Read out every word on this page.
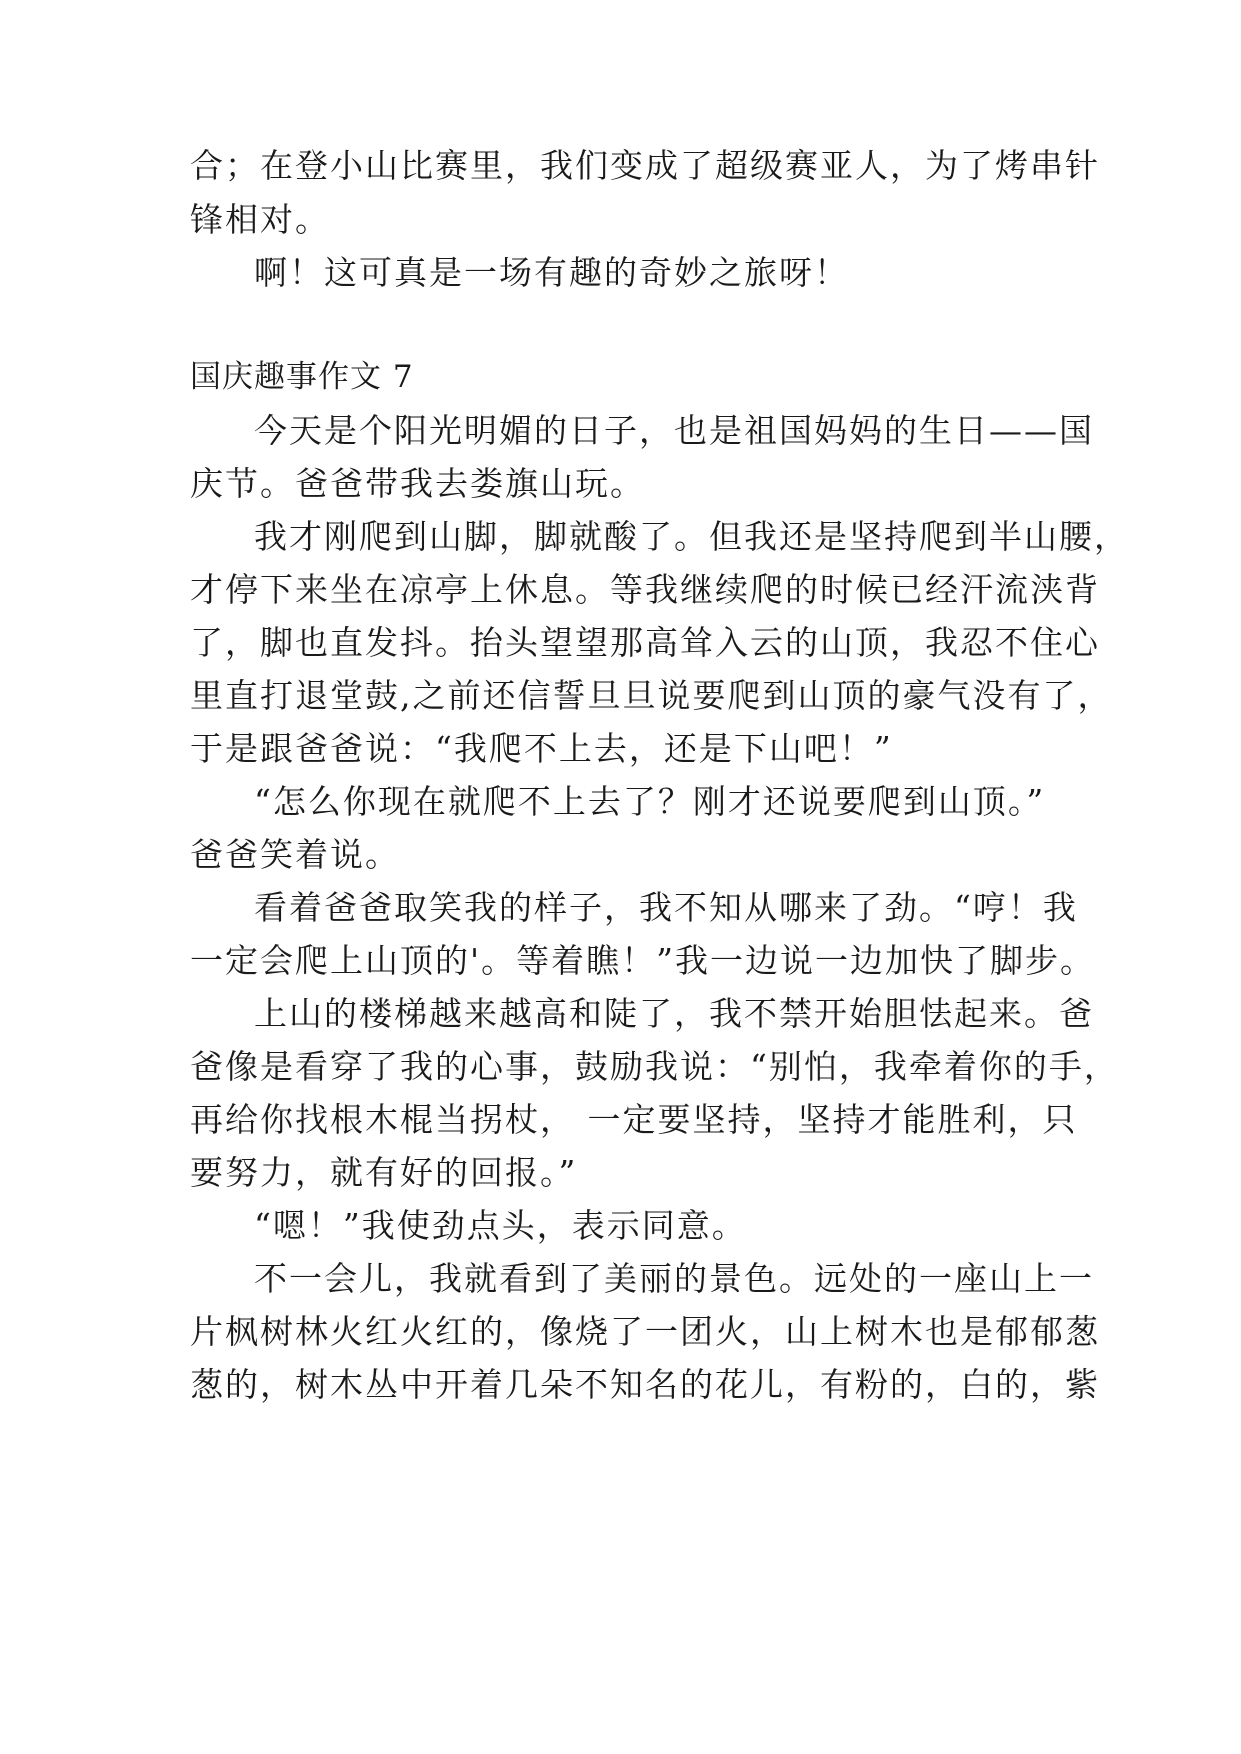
合；在登小山比赛里，我们变成了超级赛亚人，为了烤串针
锋相对。
啊！这可真是一场有趣的奇妙之旅呀！
国庆趣事作文 7
今天是个阳光明媚的日子，也是祖国妈妈的生日——国
庆节。爸爸带我去娄旗山玩。
我才刚爬到山脚，脚就酸了。但我还是坚持爬到半山腰，
才停下来坐在凉亭上休息。等我继续爬的时候已经汗流浃背
了，脚也直发抖。抬头望望那高耸入云的山顶，我忍不住心
里直打退堂鼓,之前还信誓旦旦说要爬到山顶的豪气没有了，
于是跟爸爸说：“我爬不上去，还是下山吧！”
“怎么你现在就爬不上去了？刚才还说要爬到山顶。”
爸爸笑着说。
看着爸爸取笑我的样子，我不知从哪来了劲。“哼！我
一定会爬上山顶的'。等着瞧！”我一边说一边加快了脚步。
上山的楼梯越来越高和陡了，我不禁开始胆怯起来。爸
爸像是看穿了我的心事，鼓励我说：“别怕，我牵着你的手，
再给你找根木棍当拐杖， 一定要坚持，坚持才能胜利，只
要努力，就有好的回报。”
“嗯！”我使劲点头，表示同意。
不一会儿，我就看到了美丽的景色。远处的一座山上一
片枫树林火红火红的，像烧了一团火，山上树木也是郁郁葱
葱的，树木丛中开着几朵不知名的花儿，有粉的，白的，紫
